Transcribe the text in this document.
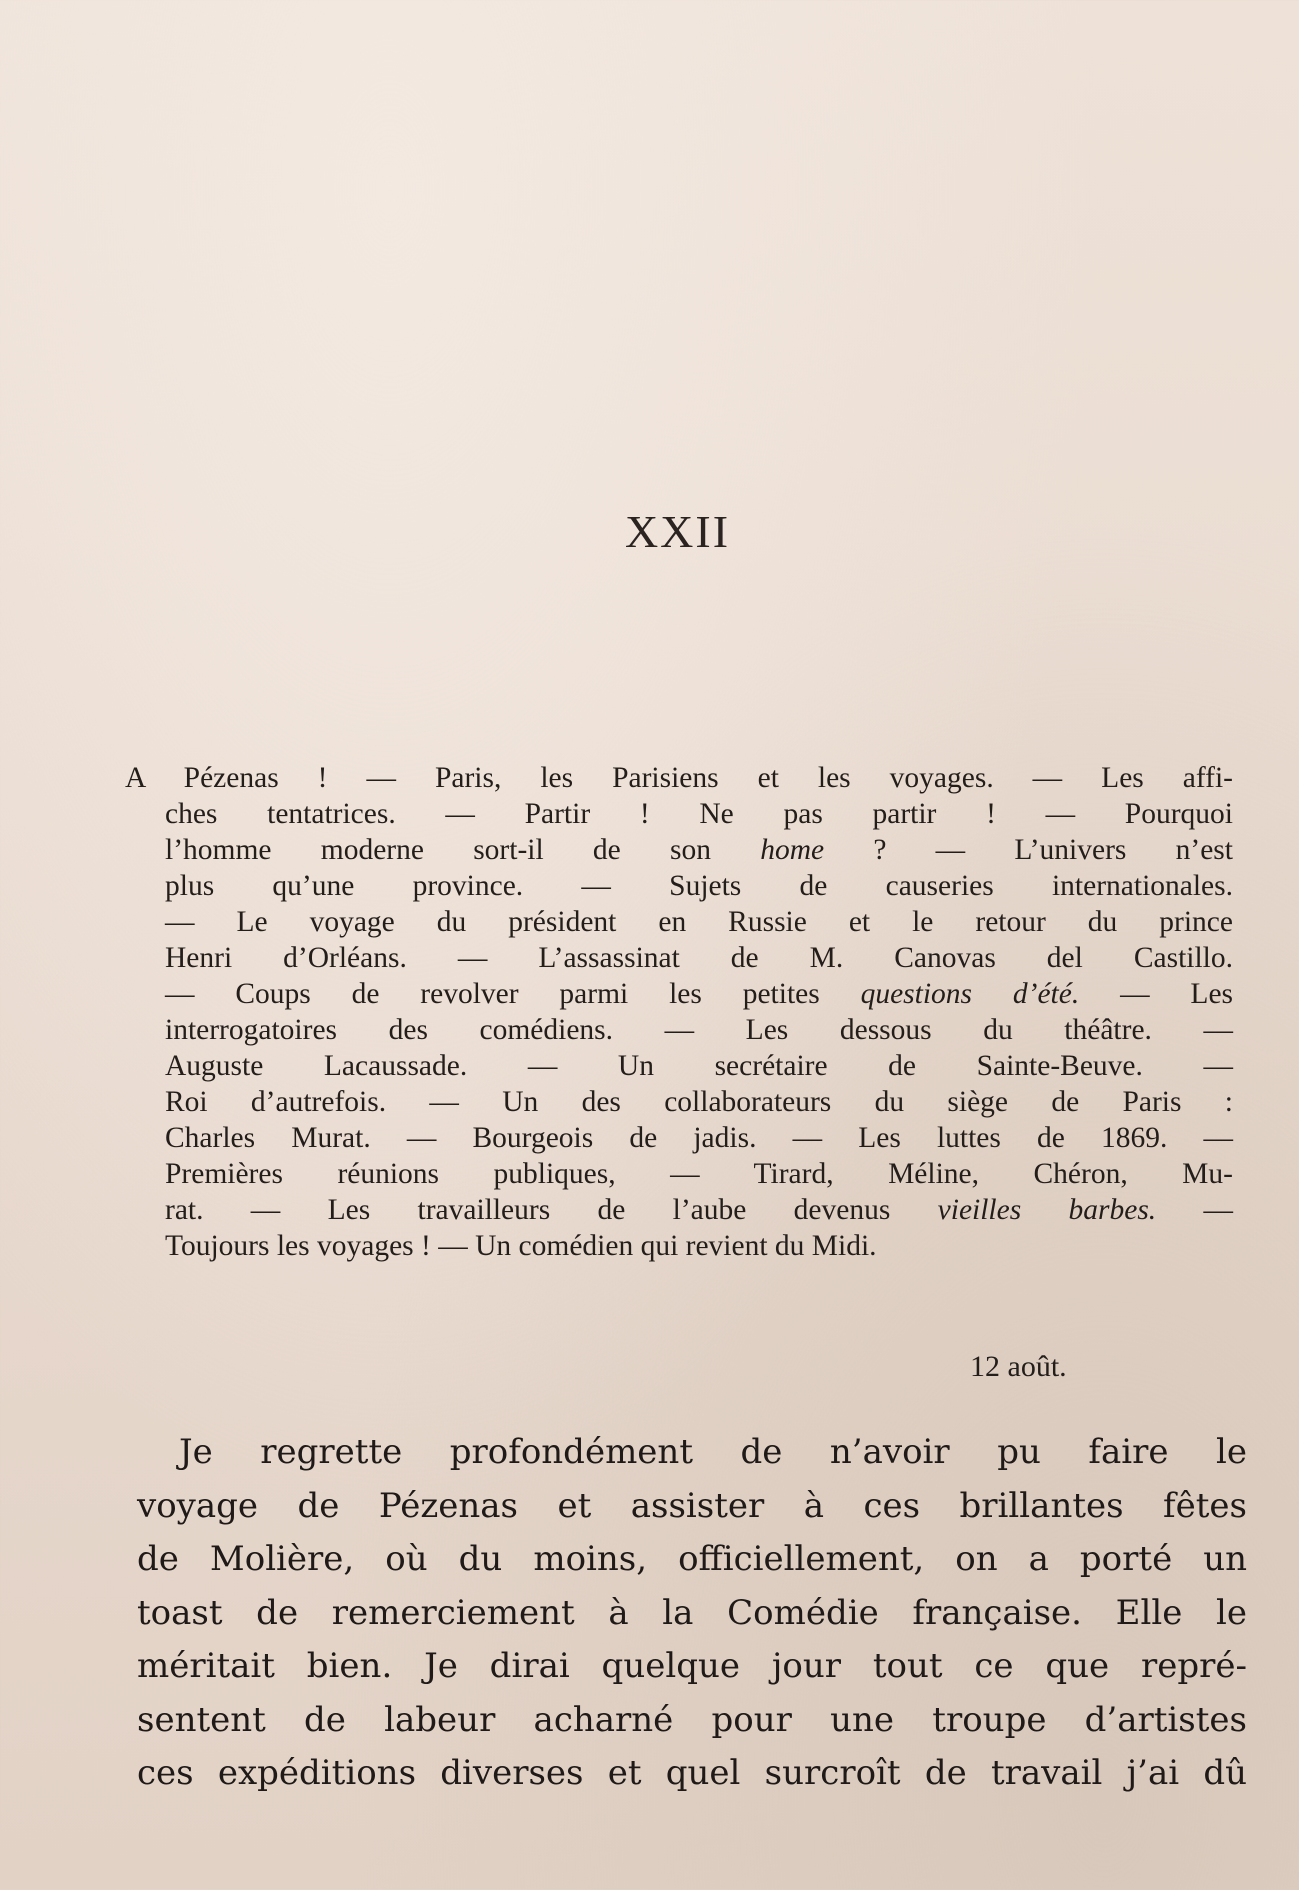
XXII
A Pézenas ! — Paris, les Parisiens et les voyages. — Les affi-
ches tentatrices. — Partir ! Ne pas partir ! — Pourquoi
l’homme moderne sort-il de son home ? — L’univers n’est
plus qu’une province. — Sujets de causeries internationales.
— Le voyage du président en Russie et le retour du prince
Henri d’Orléans. — L’assassinat de M. Canovas del Castillo.
— Coups de revolver parmi les petites questions d’été. — Les
interrogatoires des comédiens. — Les dessous du théâtre. —
Auguste Lacaussade. — Un secrétaire de Sainte-Beuve. —
Roi d’autrefois. — Un des collaborateurs du siège de Paris :
Charles Murat. — Bourgeois de jadis. — Les luttes de 1869. —
Premières réunions publiques, — Tirard, Méline, Chéron, Mu-
rat. — Les travailleurs de l’aube devenus vieilles barbes. —
Toujours les voyages ! — Un comédien qui revient du Midi.
12 août.
Je regrette profondément de n’avoir pu faire le
voyage de Pézenas et assister à ces brillantes fêtes
de Molière, où du moins, officiellement, on a porté un
toast de remerciement à la Comédie française. Elle le
méritait bien. Je dirai quelque jour tout ce que repré-
sentent de labeur acharné pour une troupe d’artistes
ces expéditions diverses et quel surcroît de travail j’ai dû
